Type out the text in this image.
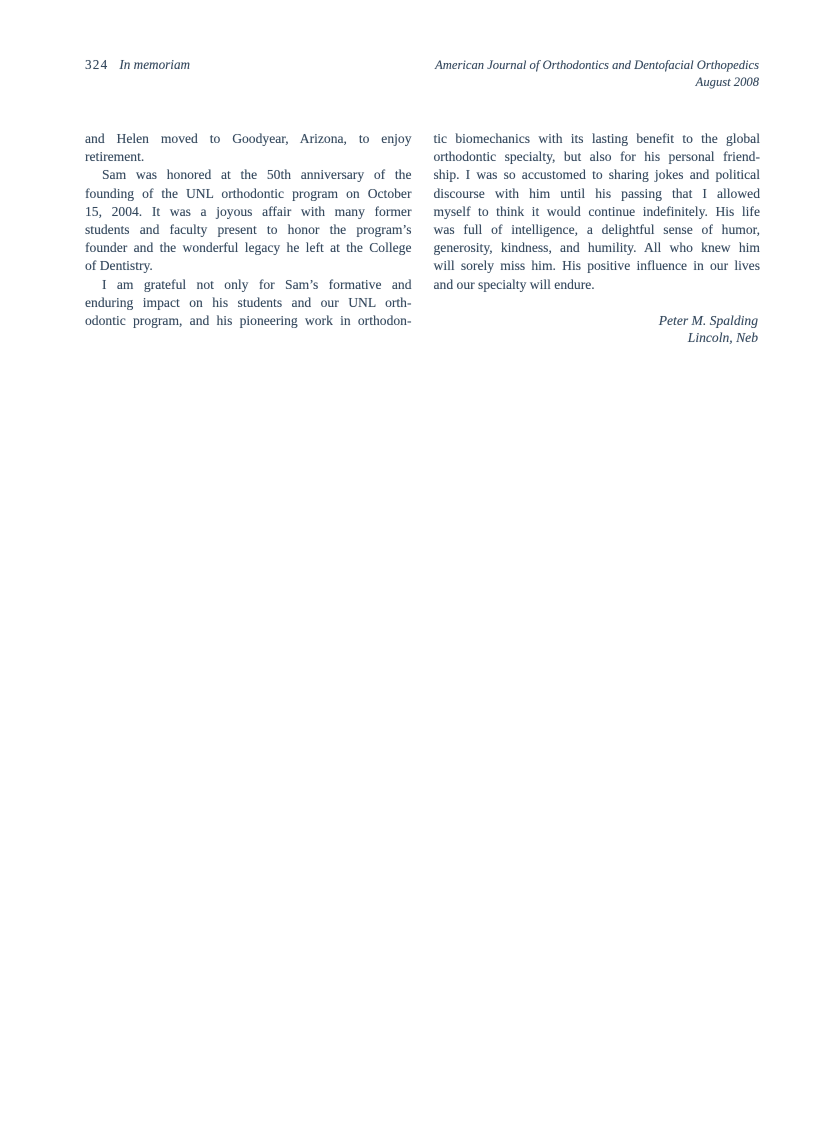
324 In memoriam	American Journal of Orthodontics and Dentofacial Orthopedics
August 2008
and Helen moved to Goodyear, Arizona, to enjoy
retirement.
Sam was honored at the 50th anniversary of the
founding of the UNL orthodontic program on October
15, 2004. It was a joyous affair with many former
students and faculty present to honor the program’s
founder and the wonderful legacy he left at the College
of Dentistry.
I am grateful not only for Sam’s formative and
enduring impact on his students and our UNL orth-
odontic program, and his pioneering work in orthodon-
tic biomechanics with its lasting benefit to the global
orthodontic specialty, but also for his personal friend-
ship. I was so accustomed to sharing jokes and political
discourse with him until his passing that I allowed
myself to think it would continue indefinitely. His life
was full of intelligence, a delightful sense of humor,
generosity, kindness, and humility. All who knew him
will sorely miss him. His positive influence in our lives
and our specialty will endure.
Peter M. Spalding
Lincoln, Neb
